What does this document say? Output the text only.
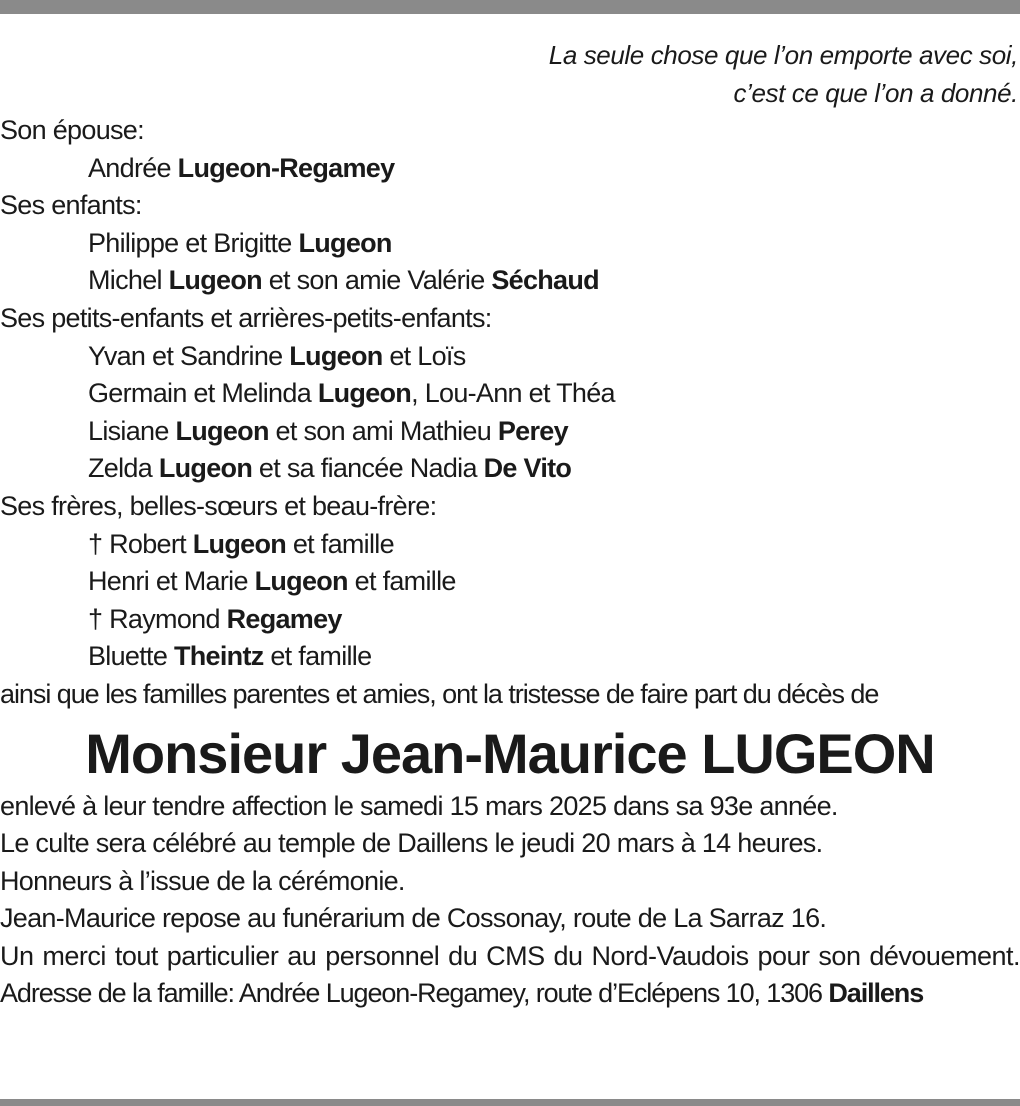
La seule chose que l’on emporte avec soi,
c’est ce que l’on a donné.
Son épouse:
Andrée Lugeon-Regamey
Ses enfants:
Philippe et Brigitte Lugeon
Michel Lugeon et son amie Valérie Séchaud
Ses petits-enfants et arrières-petits-enfants:
Yvan et Sandrine Lugeon et Loïs
Germain et Melinda Lugeon, Lou-Ann et Théa
Lisiane Lugeon et son ami Mathieu Perey
Zelda Lugeon et sa fiancée Nadia De Vito
Ses frères, belles-sœurs et beau-frère:
† Robert Lugeon et famille
Henri et Marie Lugeon et famille
† Raymond Regamey
Bluette Theintz et famille
ainsi que les familles parentes et amies, ont la tristesse de faire part du décès de
Monsieur Jean-Maurice LUGEON
enlevé à leur tendre affection le samedi 15 mars 2025 dans sa 93e année.
Le culte sera célébré au temple de Daillens le jeudi 20 mars à 14 heures.
Honneurs à l’issue de la cérémonie.
Jean-Maurice repose au funérarium de Cossonay, route de La Sarraz 16.
Un merci tout particulier au personnel du CMS du Nord-Vaudois pour son dévouement.
Adresse de la famille: Andrée Lugeon-Regamey, route d’Eclépens 10, 1306 Daillens
